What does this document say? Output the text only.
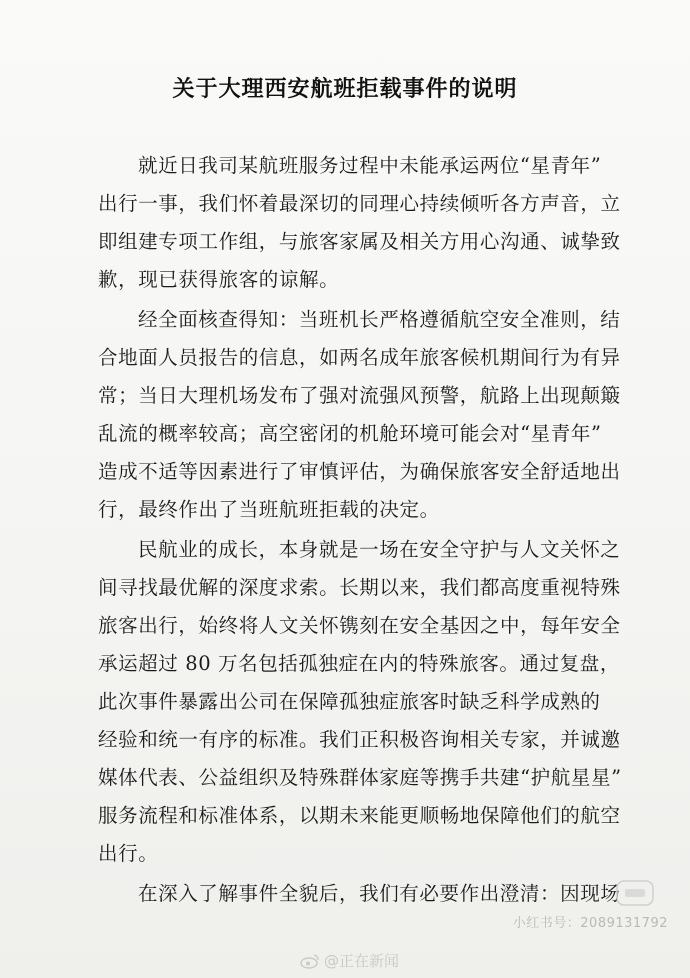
关于大理西安航班拒载事件的说明
就近日我司某航班服务过程中未能承运两位“星青年”
出行一事，我们怀着最深切的同理心持续倾听各方声音，立
即组建专项工作组，与旅客家属及相关方用心沟通、诚挚致
歉，现已获得旅客的谅解。
经全面核查得知：当班机长严格遵循航空安全准则，结
合地面人员报告的信息，如两名成年旅客候机期间行为有异
常；当日大理机场发布了强对流强风预警，航路上出现颠簸
乱流的概率较高；高空密闭的机舱环境可能会对“星青年”
造成不适等因素进行了审慎评估，为确保旅客安全舒适地出
行，最终作出了当班航班拒载的决定。
民航业的成长，本身就是一场在安全守护与人文关怀之
间寻找最优解的深度求索。长期以来，我们都高度重视特殊
旅客出行，始终将人文关怀镌刻在安全基因之中，每年安全
承运超过 80 万名包括孤独症在内的特殊旅客。通过复盘，
此次事件暴露出公司在保障孤独症旅客时缺乏科学成熟的
经验和统一有序的标准。我们正积极咨询相关专家，并诚邀
媒体代表、公益组织及特殊群体家庭等携手共建“护航星星”
服务流程和标准体系，以期未来能更顺畅地保障他们的航空
出行。
在深入了解事件全貌后，我们有必要作出澄清：因现场
小红书号：2089131792
@正在新闻
